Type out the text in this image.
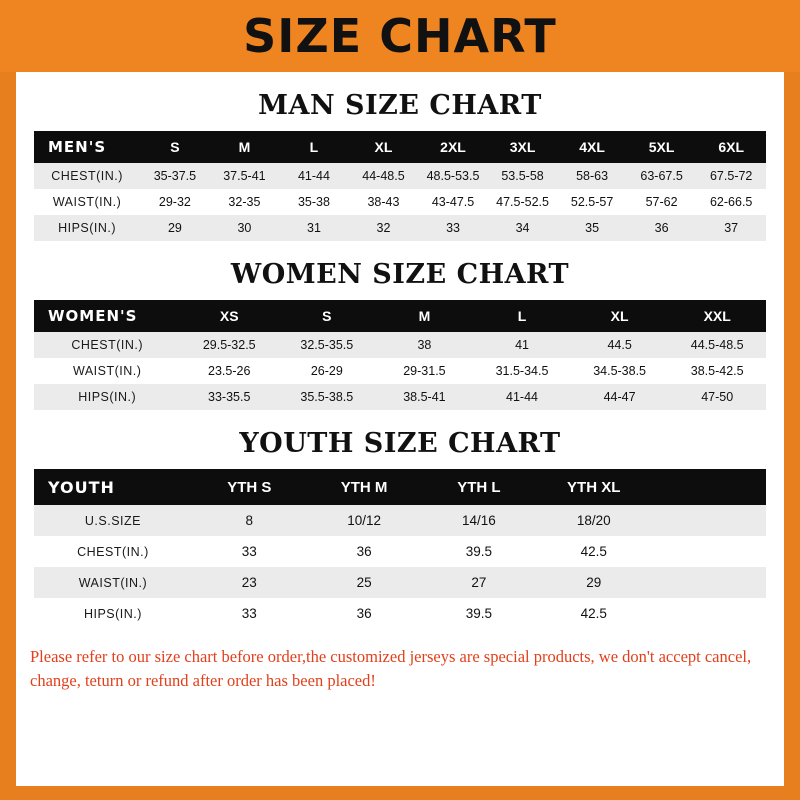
SIZE CHART
MAN SIZE CHART
MEN'S	S	M	L	XL	2XL	3XL	4XL	5XL	6XL
CHEST(IN.)	35-37.5	37.5-41	41-44	44-48.5	48.5-53.5	53.5-58	58-63	63-67.5	67.5-72
WAIST(IN.)	29-32	32-35	35-38	38-43	43-47.5	47.5-52.5	52.5-57	57-62	62-66.5
HIPS(IN.)	29	30	31	32	33	34	35	36	37
WOMEN SIZE CHART
WOMEN'S	XS	S	M	L	XL	XXL
CHEST(IN.)	29.5-32.5	32.5-35.5	38	41	44.5	44.5-48.5
WAIST(IN.)	23.5-26	26-29	29-31.5	31.5-34.5	34.5-38.5	38.5-42.5
HIPS(IN.)	33-35.5	35.5-38.5	38.5-41	41-44	44-47	47-50
YOUTH SIZE CHART
YOUTH	YTH S	YTH M	YTH L	YTH XL	
U.S.SIZE	8	10/12	14/16	18/20	
CHEST(IN.)	33	36	39.5	42.5	
WAIST(IN.)	23	25	27	29	
HIPS(IN.)	33	36	39.5	42.5	
Please refer to our size chart before order,the customized jerseys are special products, we don't accept cancel, change, teturn or refund after order has been placed!
